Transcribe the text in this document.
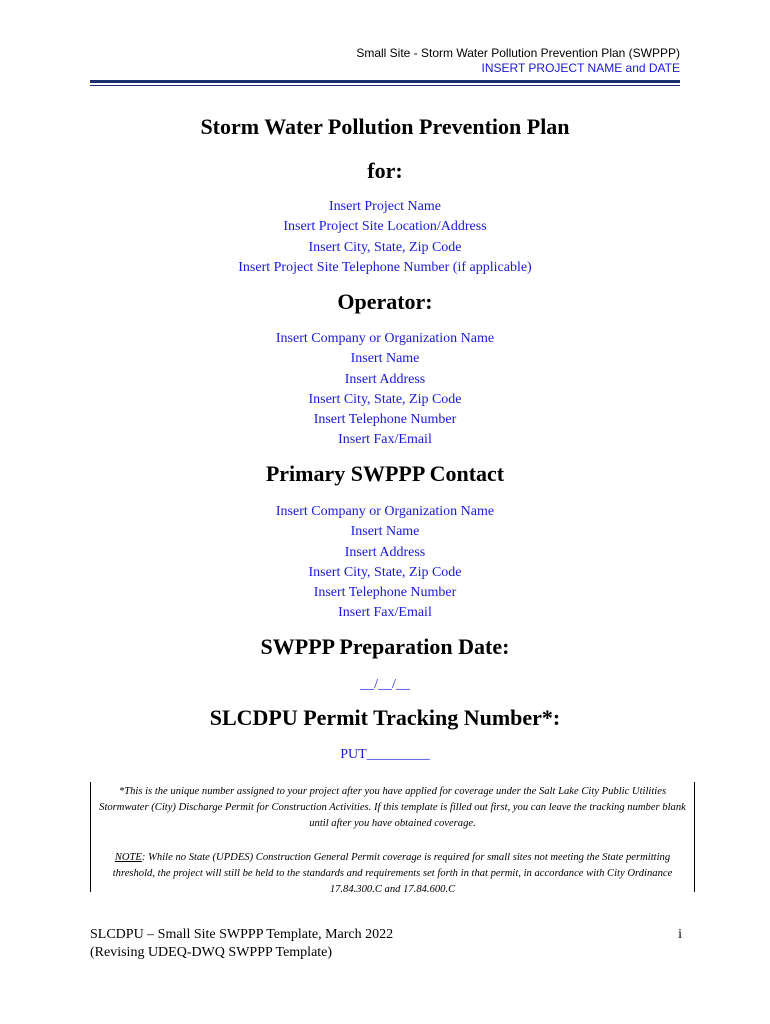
Small Site - Storm Water Pollution Prevention Plan (SWPPP)
INSERT PROJECT NAME and DATE
Storm Water Pollution Prevention Plan
for:
Insert Project Name
Insert Project Site Location/Address
Insert City, State, Zip Code
Insert Project Site Telephone Number (if applicable)
Operator:
Insert Company or Organization Name
Insert Name
Insert Address
Insert City, State, Zip Code
Insert Telephone Number
Insert Fax/Email
Primary SWPPP Contact
Insert Company or Organization Name
Insert Name
Insert Address
Insert City, State, Zip Code
Insert Telephone Number
Insert Fax/Email
SWPPP Preparation Date:
__/__/__
SLCDPU Permit Tracking Number*:
PUT_________

*This is the unique number assigned to your project after you have applied for coverage under the Salt Lake City Public Utilities Stormwater (City) Discharge Permit for Construction Activities. If this template is filled out first, you can leave the tracking number blank until after you have obtained coverage.

NOTE: While no State (UPDES) Construction General Permit coverage is required for small sites not meeting the State permitting threshold, the project will still be held to the standards and requirements set forth in that permit, in accordance with City Ordinance 17.84.300.C and 17.84.600.C

SLCDPU – Small Site SWPPP Template, March 2022
(Revising UDEQ-DWQ SWPPP Template)
i
